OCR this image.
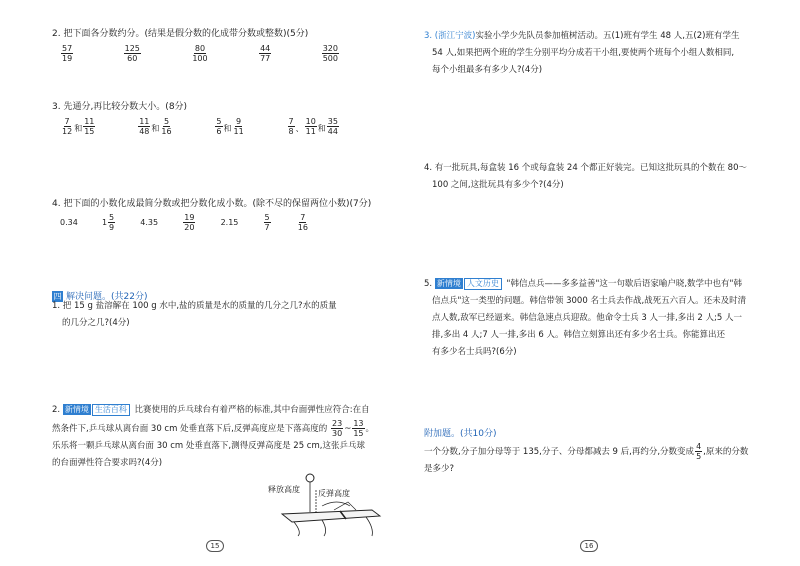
2. 把下面各分数约分。(结果是假分数的化成带分数或整数)(5分)
$\frac{57}{19}$	$\frac{125}{60}$	$\frac{80}{100}$	$\frac{44}{77}$	$\frac{320}{500}$
3. 先通分,再比较分数大小。(8分)
$\frac{7}{12}$ 和 $\frac{11}{15}$	$\frac{11}{48}$ 和 $\frac{5}{16}$	$\frac{5}{6}$ 和 $\frac{9}{11}$	$\frac{7}{8}$ 、 $\frac{10}{11}$ 和 $\frac{35}{44}$
4. 把下面的小数化成最简分数或把分数化成小数。(除不尽的保留两位小数)(7分)
0.34	$1 \frac{5}{9}$	4.35	$\frac{19}{20}$	2.15	$\frac{5}{7}$	$\frac{7}{16}$
四 解决问题。(共22分)
1. 把 15 g 盐溶解在 100 g 水中,盐的质量是水的质量的几分之几?水的质量
的几分之几?(4分)
2. 新情境 生活百科 比赛使用的乒乓球台有着严格的标准,其中台面弹性应符合:在自
然条件下,乒乓球从离台面 30 cm 处垂直落下后,反弹高度应是下落高度的 $\frac{23}{30}$ ~ $\frac{13}{15}$ 。
乐乐将一颗乒乓球从离台面 30 cm 处垂直落下,测得反弹高度是 25 cm,这张乒乓球
的台面弹性符合要求吗?(4分)
释放高度 反弹高度
15
3. (浙江宁波)实验小学少先队员参加植树活动。五(1)班有学生 48 人,五(2)班有学生
54 人,如果把两个班的学生分别平均分成若干小组,要使两个班每个小组人数相同,
每个小组最多有多少人?(4分)
4. 有一批玩具,每盒装 16 个或每盒装 24 个都正好装完。已知这批玩具的个数在 80～
100 之间,这批玩具有多少个?(4分)
5. 新情境 人文历史 "韩信点兵——多多益善"这一句歇后语家喻户晓,数学中也有"韩
信点兵"这一类型的问题。韩信带领 3000 名士兵去作战,战死五六百人。还未及时清
点人数,敌军已经逼来。韩信急速点兵迎敌。他命令士兵 3 人一排,多出 2 人;5 人一
排,多出 4 人;7 人一排,多出 6 人。韩信立刻算出还有多少名士兵。你能算出还
有多少名士兵吗?(6分)
附加题。(共10分)
一个分数,分子加分母等于 135,分子、分母都减去 9 后,再约分,分数变成 $\frac{4}{5}$ ,原来的分数
是多少?
16
